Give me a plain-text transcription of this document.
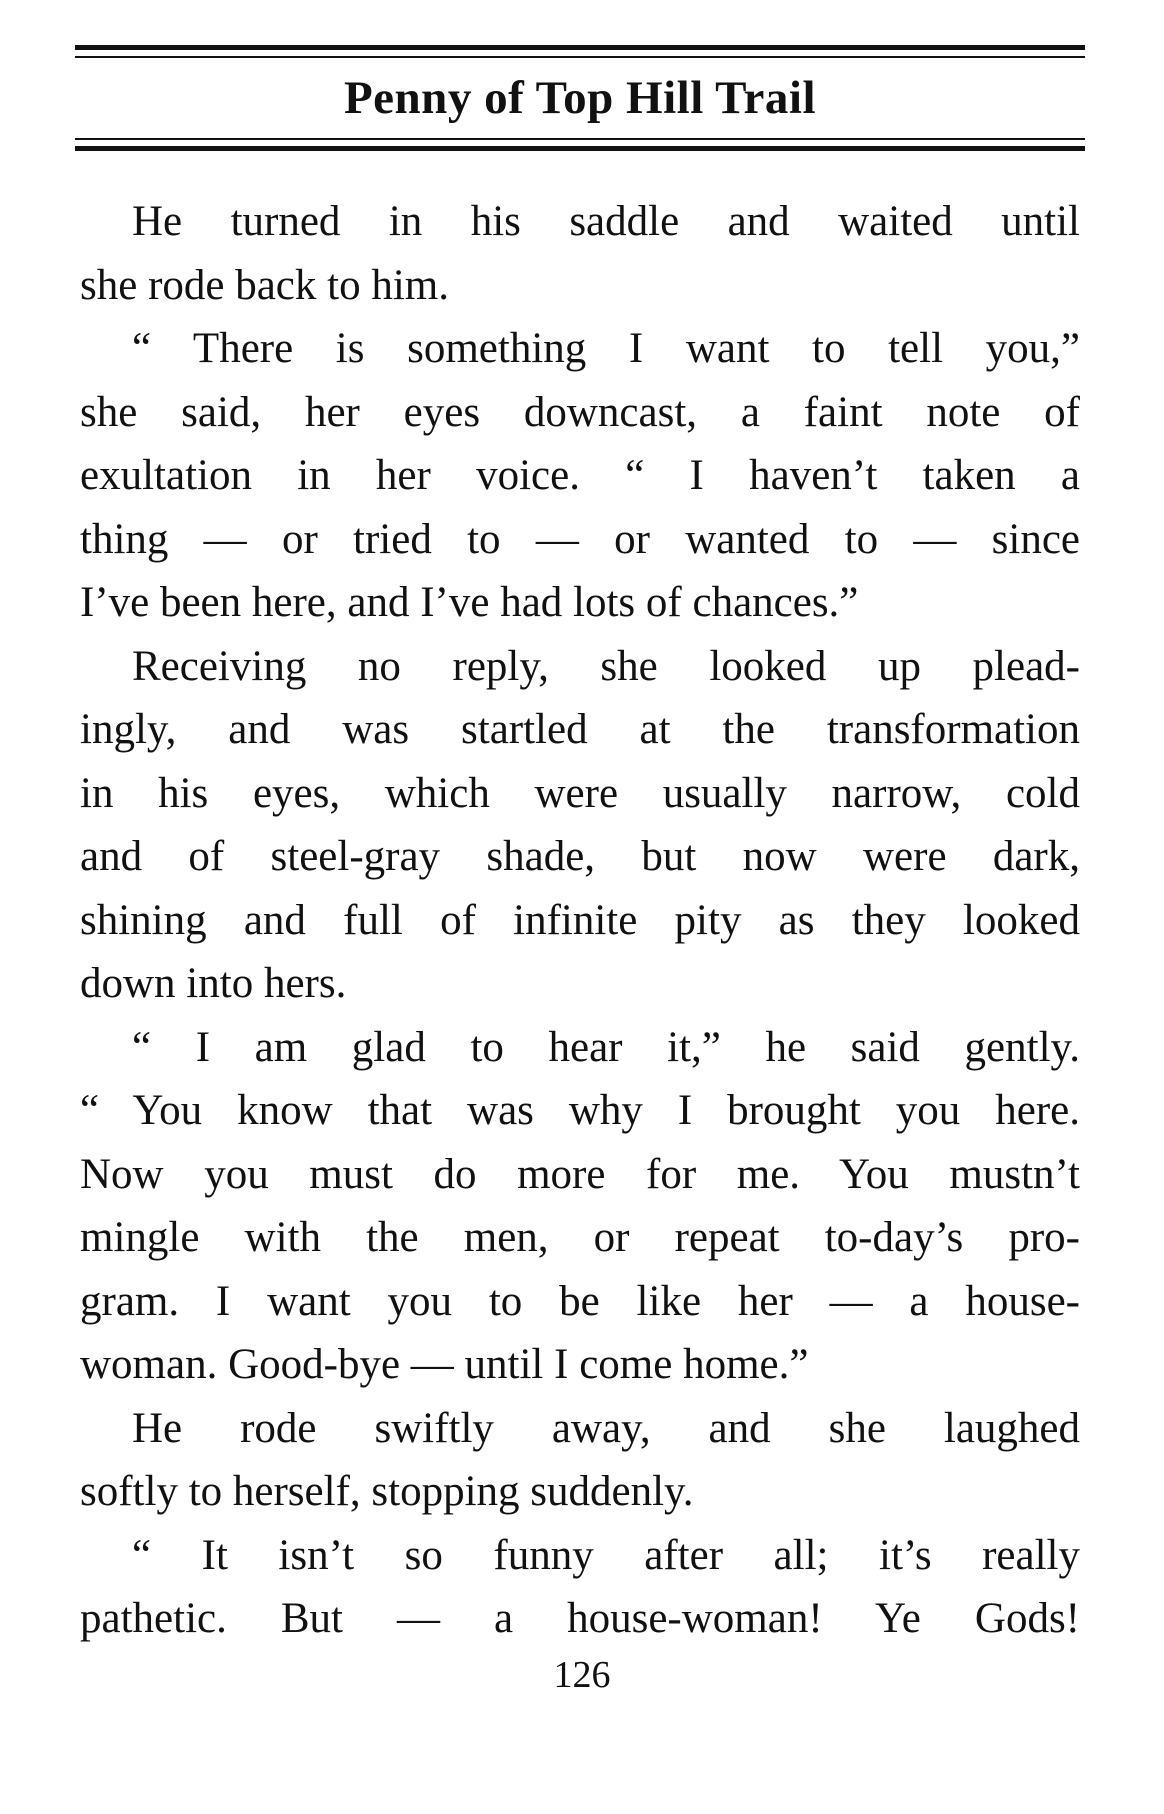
Penny of Top Hill Trail
He turned in his saddle and waited until
she rode back to him.
“ There is something I want to tell you,”
she said, her eyes downcast, a faint note of
exultation in her voice. “ I haven’t taken a
thing — or tried to — or wanted to — since
I’ve been here, and I’ve had lots of chances.”
Receiving no reply, she looked up plead-
ingly, and was startled at the transformation
in his eyes, which were usually narrow, cold
and of steel-gray shade, but now were dark,
shining and full of infinite pity as they looked
down into hers.
“ I am glad to hear it,” he said gently.
“ You know that was why I brought you here.
Now you must do more for me. You mustn’t
mingle with the men, or repeat to-day’s pro-
gram. I want you to be like her — a house-
woman. Good-bye — until I come home.”
He rode swiftly away, and she laughed
softly to herself, stopping suddenly.
“ It isn’t so funny after all; it’s really
pathetic. But — a house-woman! Ye Gods!
126
